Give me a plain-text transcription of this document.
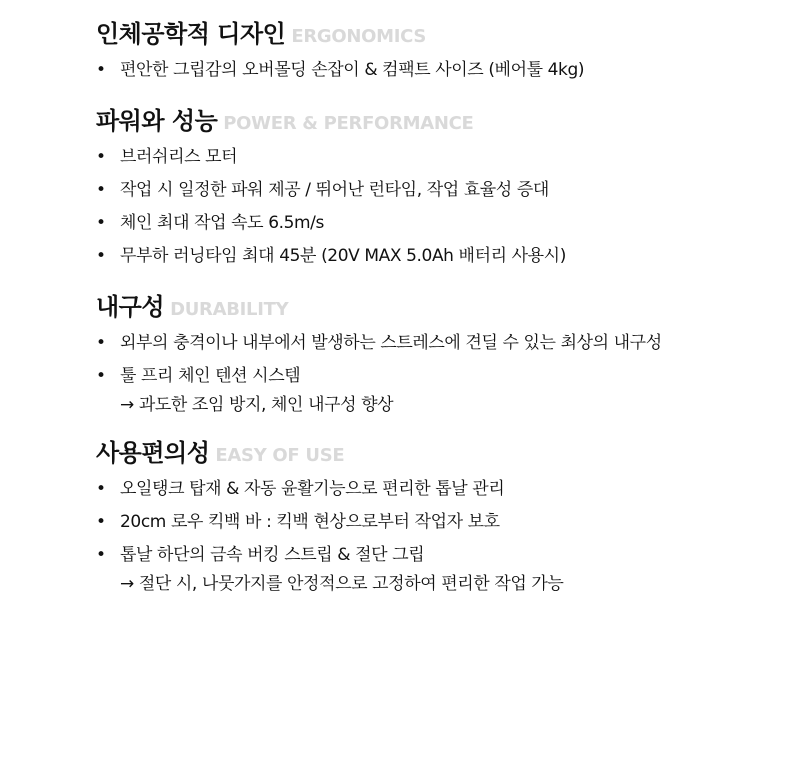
인체공학적 디자인 ERGONOMICS
• 편안한 그립감의 오버몰딩 손잡이 & 컴팩트 사이즈 (베어툴 4kg)
파워와 성능 POWER & PERFORMANCE
• 브러쉬리스 모터
• 작업 시 일정한 파워 제공 / 뛰어난 런타임, 작업 효율성 증대
• 체인 최대 작업 속도 6.5m/s
• 무부하 러닝타임 최대 45분 (20V MAX 5.0Ah 배터리 사용시)
내구성 DURABILITY
• 외부의 충격이나 내부에서 발생하는 스트레스에 견딜 수 있는 최상의 내구성
• 툴 프리 체인 텐션 시스템
→ 과도한 조임 방지, 체인 내구성 향상
사용편의성 EASY OF USE
• 오일탱크 탑재 & 자동 윤활기능으로 편리한 톱날 관리
• 20cm 로우 킥백 바 : 킥백 현상으로부터 작업자 보호
• 톱날 하단의 금속 버킹 스트립 & 절단 그립
→ 절단 시, 나뭇가지를 안정적으로 고정하여 편리한 작업 가능
